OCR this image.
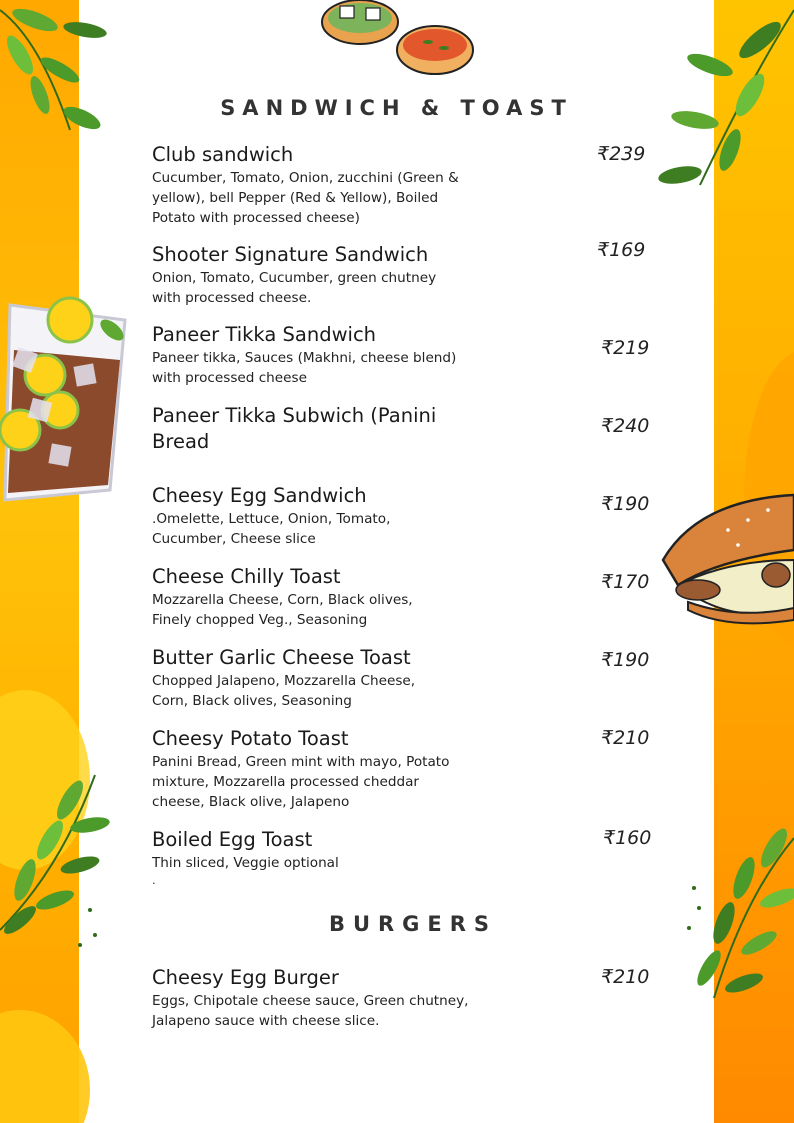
SANDWICH & TOAST
Club sandwich
Cucumber, Tomato, Onion, zucchini (Green & yellow), bell Pepper (Red & Yellow), Boiled Potato with processed cheese)
₹239
Shooter Signature Sandwich
Onion, Tomato, Cucumber, green chutney with processed cheese.
₹169
Paneer Tikka Sandwich
Paneer tikka, Sauces (Makhni, cheese blend) with processed cheese
₹219
Paneer Tikka Subwich (Panini Bread
₹240
Cheesy Egg Sandwich
.Omelette, Lettuce, Onion, Tomato, Cucumber, Cheese slice
₹190
Cheese Chilly Toast
Mozzarella Cheese, Corn, Black olives, Finely chopped Veg., Seasoning
₹170
Butter Garlic Cheese Toast
Chopped Jalapeno, Mozzarella Cheese, Corn, Black olives, Seasoning
₹190
Cheesy Potato Toast
Panini Bread, Green mint with mayo, Potato mixture, Mozzarella processed cheddar cheese, Black olive, Jalapeno
₹210
Boiled Egg Toast
Thin sliced, Veggie optional
₹160
.
BURGERS
Cheesy Egg Burger
Eggs, Chipotale cheese sauce, Green chutney, Jalapeno sauce with cheese slice.
₹210
